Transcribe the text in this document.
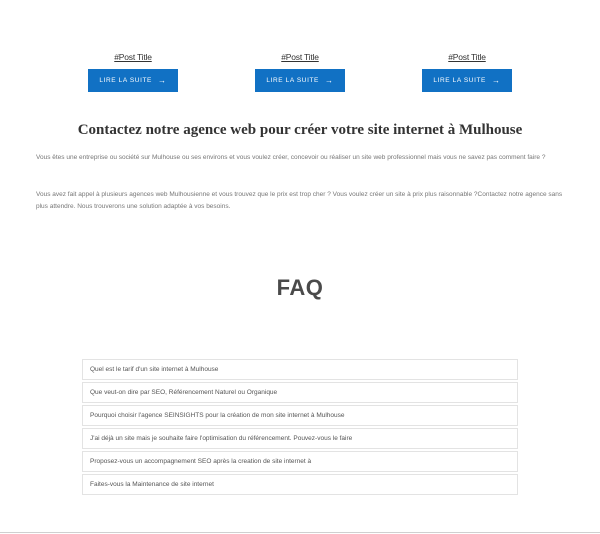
#Post Title
LIRE LA SUITE →
#Post Title
LIRE LA SUITE →
#Post Title
LIRE LA SUITE →
Contactez notre agence web pour créer votre site internet à Mulhouse

Vous êtes une entreprise ou société sur Mulhouse ou ses environs et vous voulez créer, concevoir ou réaliser un site web professionnel mais vous ne savez pas comment faire ?

Vous avez fait appel à plusieurs agences web Mulhousienne et vous trouvez que le prix est trop cher ? Vous voulez créer un site à prix plus raisonnable ?Contactez notre agence sans plus attendre. Nous trouverons une solution adaptée à vos besoins.

FAQ
Quel est le tarif d'un site internet à Mulhouse
Que veut-on dire par SEO, Référencement Naturel ou Organique
Pourquoi choisir l'agence SEINSIGHTS pour la création de mon site internet à Mulhouse
J'ai déjà un site mais je souhaite faire l'optimisation du référencement. Pouvez-vous le faire
Proposez-vous un accompagnement SEO après la creation de site internet à
Faites-vous la Maintenance de site internet
